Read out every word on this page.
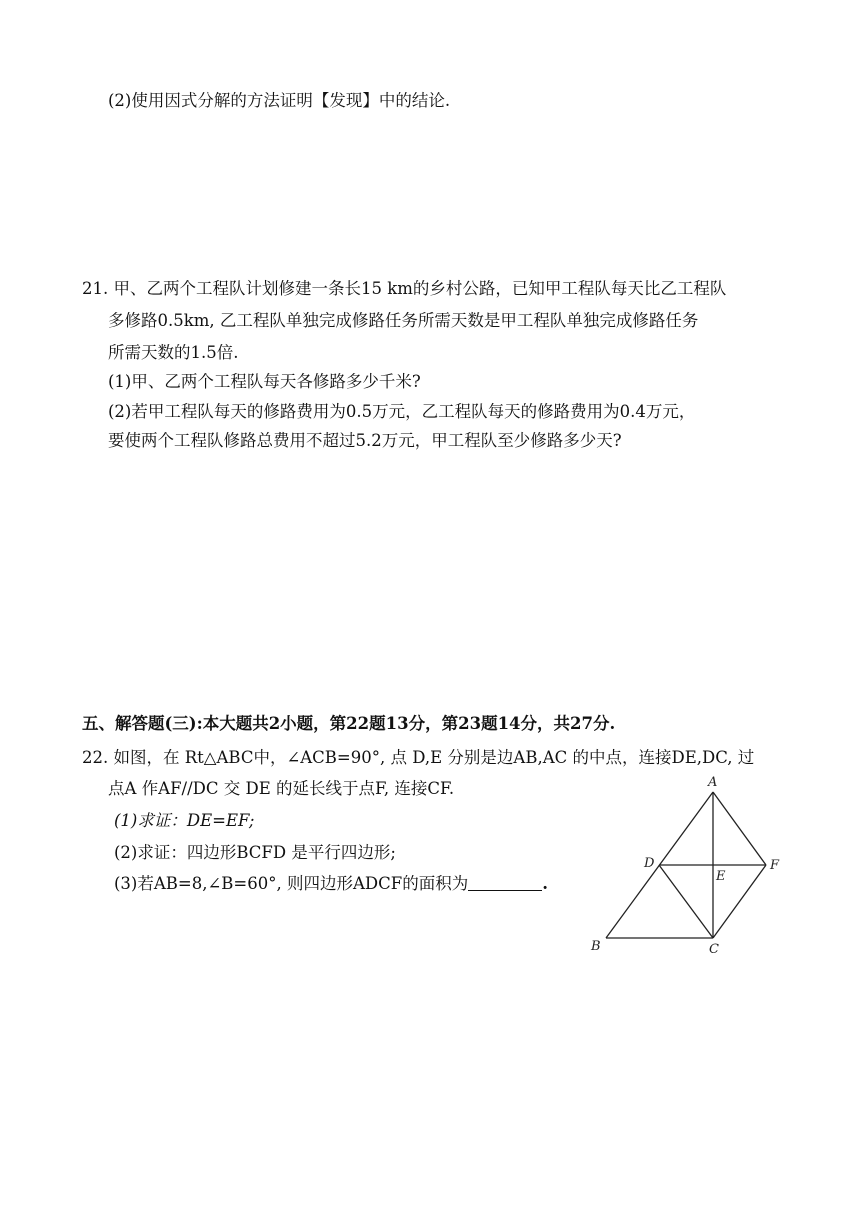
(2)使用因式分解的方法证明【发现】中的结论.
21. 甲、乙两个工程队计划修建一条长15 km的乡村公路，已知甲工程队每天比乙工程队
多修路0.5km, 乙工程队单独完成修路任务所需天数是甲工程队单独完成修路任务
所需天数的1.5倍.
(1)甲、乙两个工程队每天各修路多少千米?
(2)若甲工程队每天的修路费用为0.5万元，乙工程队每天的修路费用为0.4万元，
要使两个工程队修路总费用不超过5.2万元，甲工程队至少修路多少天?
五、解答题(三):本大题共2小题，第22题13分，第23题14分，共27分.
22. 如图，在 Rt△ABC中，∠ACB=90°, 点 D,E 分别是边AB,AC 的中点，连接DE,DC, 过
点A 作AF//DC 交 DE 的延长线于点F, 连接CF.
(1)求证：DE=EF;
(2)求证：四边形BCFD 是平行四边形;
(3)若AB=8,∠B=60°, 则四边形ADCF的面积为	.
A
B	C
D
E
F
